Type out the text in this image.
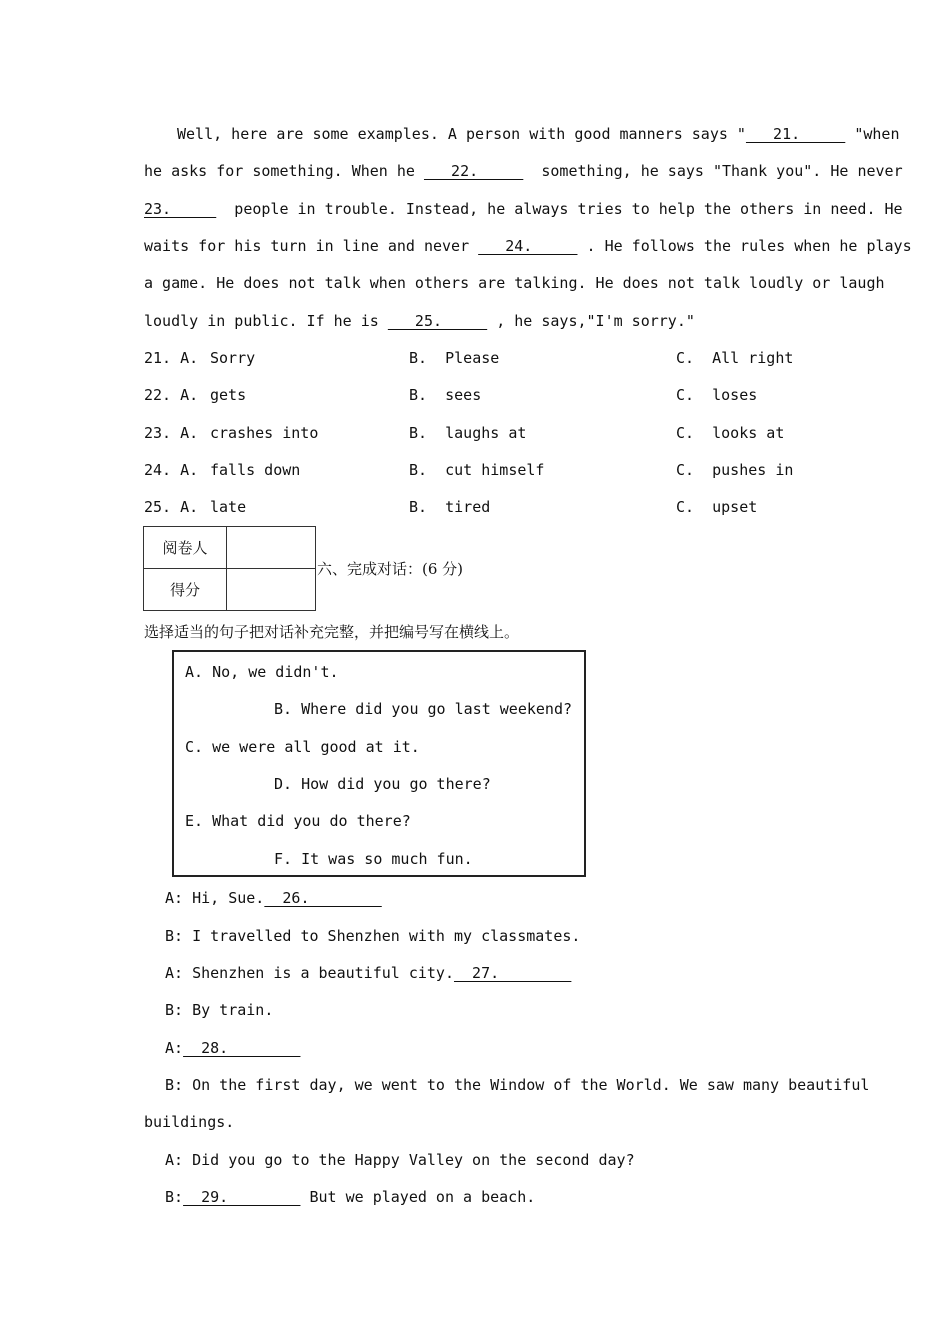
Well, here are some examples. A person with good manners says "   21.      "when
he asks for something. When he    22.       something, he says "Thank you". He never
23.       people in trouble. Instead, he always tries to help the others in need. He
waits for his turn in line and never    24.      . He follows the rules when he plays
a game. He does not talk when others are talking. He does not talk loudly or laugh
loudly in public. If he is    25.      , he says,"I'm sorry."
21. A. Sorry	B.  Please	C.  All right
22. A. gets	B.  sees	C.  loses
23. A. crashes into	B.  laughs at	C.  looks at
24. A. falls down	B.  cut himself	C.  pushes in
25. A. late	B.  tired	C.  upset
阅卷人	
得分	
六、完成对话：(6 分)
选择适当的句子把对话补充完整，并把编号写在横线上。
A. No, we didn't.
B. Where did you go last weekend?
C. we were all good at it.
D. How did you go there?
E. What did you do there?
F. It was so much fun.
A: Hi, Sue.  26.
B: I travelled to Shenzhen with my classmates.
A: Shenzhen is a beautiful city.  27.
B: By train.
A:  28.
B: On the first day, we went to the Window of the World. We saw many beautiful
buildings.
A: Did you go to the Happy Valley on the second day?
B:  29.         But we played on a beach.
